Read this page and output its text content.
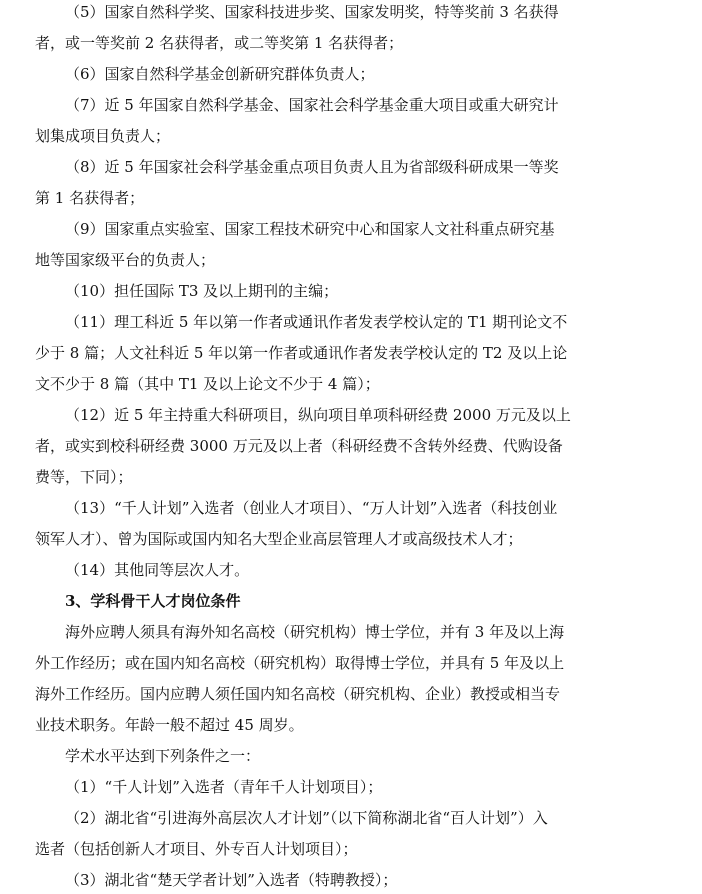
（5）国家自然科学奖、国家科技进步奖、国家发明奖，特等奖前 3 名获得
者，或一等奖前 2 名获得者，或二等奖第 1 名获得者；
（6）国家自然科学基金创新研究群体负责人；
（7）近 5 年国家自然科学基金、国家社会科学基金重大项目或重大研究计
划集成项目负责人；
（8）近 5 年国家社会科学基金重点项目负责人且为省部级科研成果一等奖
第 1 名获得者；
（9）国家重点实验室、国家工程技术研究中心和国家人文社科重点研究基
地等国家级平台的负责人；
（10）担任国际 T3 及以上期刊的主编；
（11）理工科近 5 年以第一作者或通讯作者发表学校认定的 T1 期刊论文不
少于 8 篇；人文社科近 5 年以第一作者或通讯作者发表学校认定的 T2 及以上论
文不少于 8 篇（其中 T1 及以上论文不少于 4 篇）；
（12）近 5 年主持重大科研项目，纵向项目单项科研经费 2000 万元及以上
者，或实到校科研经费 3000 万元及以上者（科研经费不含转外经费、代购设备
费等，下同）；
（13）“千人计划”入选者（创业人才项目）、“万人计划”入选者（科技创业
领军人才）、曾为国际或国内知名大型企业高层管理人才或高级技术人才；
（14）其他同等层次人才。
3、学科骨干人才岗位条件
海外应聘人须具有海外知名高校（研究机构）博士学位，并有 3 年及以上海
外工作经历；或在国内知名高校（研究机构）取得博士学位，并具有 5 年及以上
海外工作经历。国内应聘人须任国内知名高校（研究机构、企业）教授或相当专
业技术职务。年龄一般不超过 45 周岁。
学术水平达到下列条件之一：
（1）“千人计划”入选者（青年千人计划项目）；
（2）湖北省“引进海外高层次人才计划”（以下简称湖北省“百人计划”）入
选者（包括创新人才项目、外专百人计划项目）；
（3）湖北省“楚天学者计划”入选者（特聘教授）；
